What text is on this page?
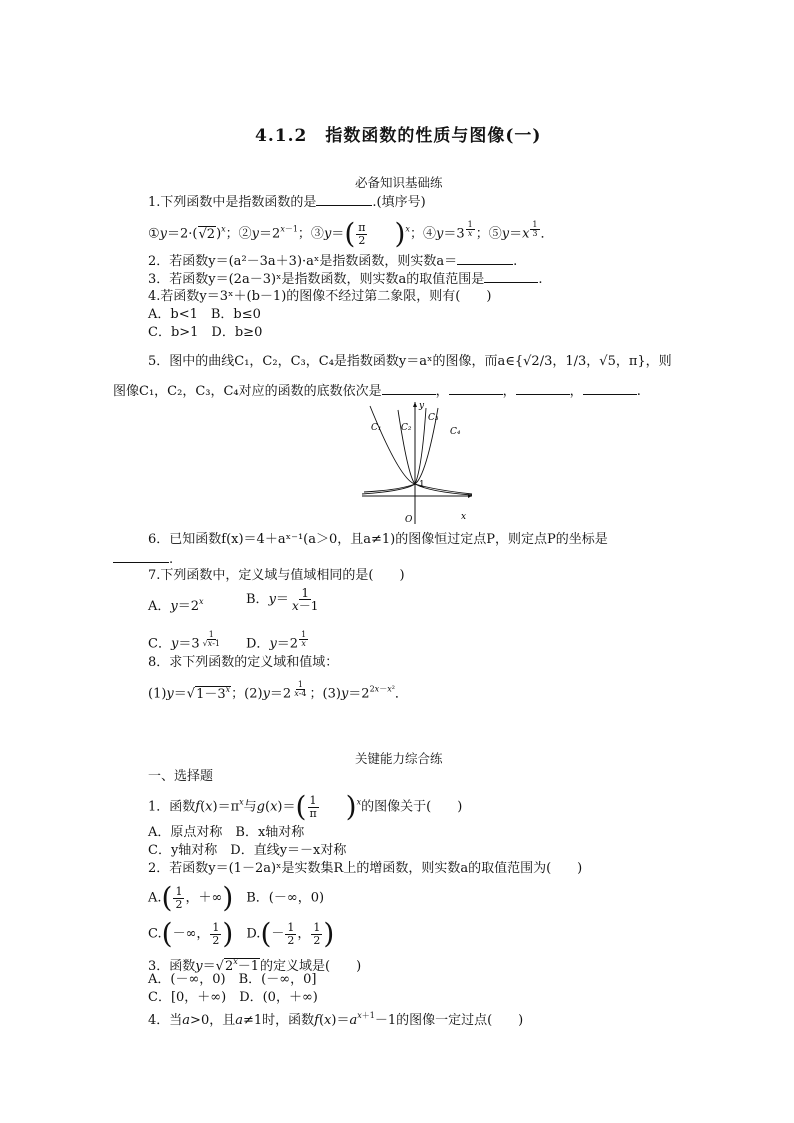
4.1.2　指数函数的性质与图像(一)
必备知识基础练
1.下列函数中是指数函数的是	.(填序号)
$①y=2\cdot(√2)^x$；$②y=2^{x-1}$；③y＝( $\frac{\pi}{2} )^x$；④y＝3 $^{\frac{1}{x}}$ ；⑤y＝x $^{\frac{1}{3}}$ ．
2．若函数y＝(a²－3a＋3)·aˣ是指数函数，则实数a＝	.
3．若函数y＝(2a－3)ˣ是指数函数，则实数a的取值范围是	.
4.若函数y＝3ˣ＋(b－1)的图像不经过第二象限，则有(　　)
A．b<1　B．b≤0
C．b>1　D．b≥0
5．图中的曲线C₁，C₂，C₃，C₄是指数函数y＝aˣ的图像，而a∈{√2/3，1/3，√5，π}，则
图像C₁，C₂，C₃，C₄对应的函数的底数依次是	，	，	，	.
C₁ C₂
C₃
C₄
y
x
O
1
6．已知函数f(x)＝4＋aˣ⁻¹(a＞0，且a≠1)的图像恒过定点P，则定点P的坐标是
.
7.下列函数中，定义域与值域相同的是(　　)
A．$y=2^x$	B．$y= \frac{1}{x-1}$
C．y＝3 $^{\frac{1}{√x-1}}$ D．y＝2 $^{\frac{1}{x}}$
8．求下列函数的定义域和值域：
$(1)y=√1-3^x$；(2)y＝2 $^{\frac{1}{x-4}}$ ；$(3)y=2^{2x-x^2}$．
关键能力综合练
一、选择题
1．函数$f(x)=\pi^x$与$g(x)=( \frac{1}{\pi} )^x$的图像关于(　　)
A．原点对称　B．x轴对称
C．y轴对称　D．直线y＝－x对称
2．若函数y＝(1－2a)ˣ是实数集R上的增函数，则实数a的取值范围为(　　)
$A.( \frac{1}{2}$ ，＋∞)　B．(－∞，0)
C.(－∞， $\frac{1}{2}$ )　$D.(- \frac{1}{2}$ ， $\frac{1}{2}$ )
3．函数$y=√2^x-1$的定义域是(　　)
A．(－∞，0)　B．(－∞，0]
C．[0，＋∞)　D．(0，＋∞)
4．当a>0，且a≠1时，函数$f(x)=a^{x+1}-1$的图像一定过点(　　)
